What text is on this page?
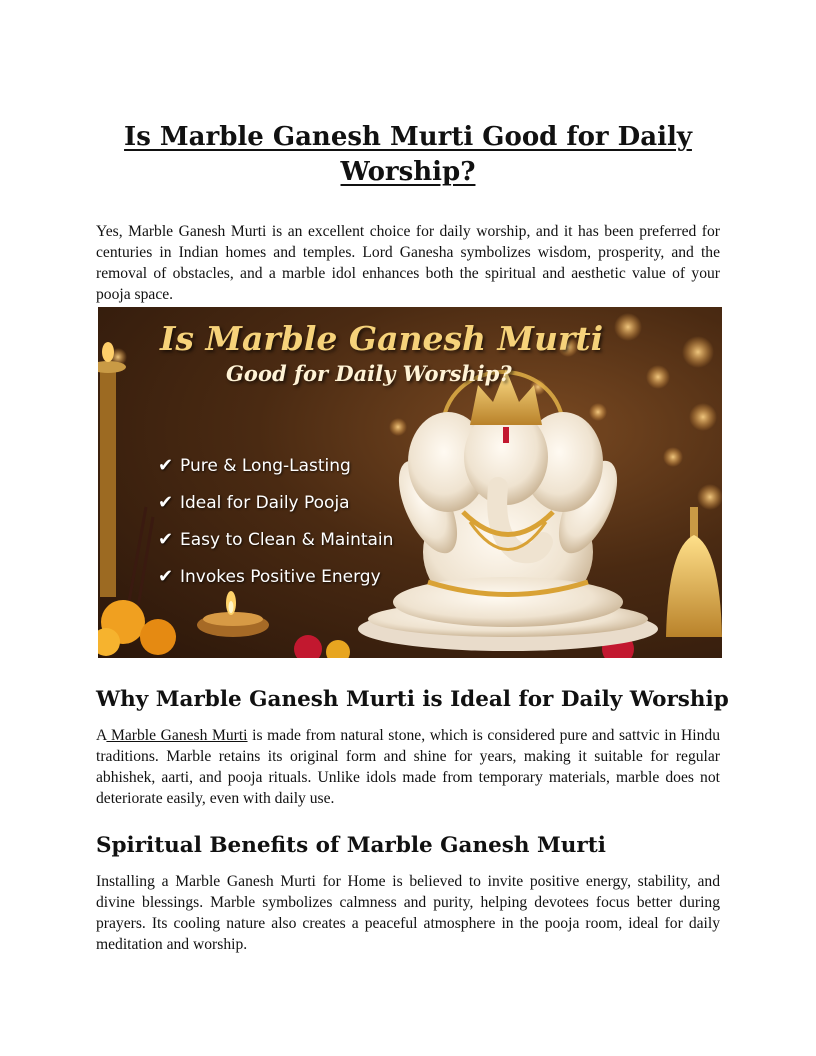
Is Marble Ganesh Murti Good for Daily Worship?

Yes, Marble Ganesh Murti is an excellent choice for daily worship, and it has been preferred for centuries in Indian homes and temples. Lord Ganesha symbolizes wisdom, prosperity, and the removal of obstacles, and a marble idol enhances both the spiritual and aesthetic value of your pooja space.

Is Marble Ganesh Murti
Good for Daily Worship?
✔ Pure & Long-Lasting
✔ Ideal for Daily Pooja
✔ Easy to Clean & Maintain
✔ Invokes Positive Energy
Why Marble Ganesh Murti is Ideal for Daily Worship

A Marble Ganesh Murti is made from natural stone, which is considered pure and sattvic in Hindu traditions. Marble retains its original form and shine for years, making it suitable for regular abhishek, aarti, and pooja rituals. Unlike idols made from temporary materials, marble does not deteriorate easily, even with daily use.

Spiritual Benefits of Marble Ganesh Murti

Installing a Marble Ganesh Murti for Home is believed to invite positive energy, stability, and divine blessings. Marble symbolizes calmness and purity, helping devotees focus better during prayers. Its cooling nature also creates a peaceful atmosphere in the pooja room, ideal for daily meditation and worship.
